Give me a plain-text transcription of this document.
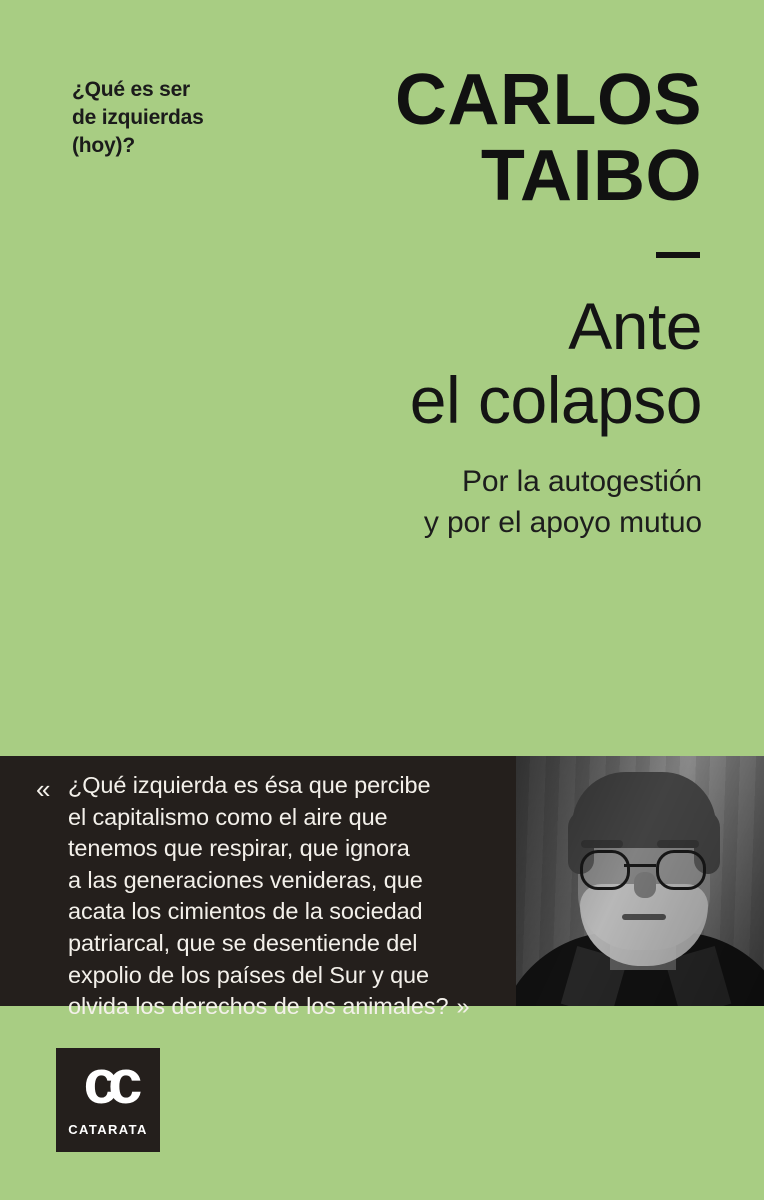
¿Qué es ser
de izquierdas
(hoy)?
CARLOS
TAIBO
Ante
el colapso
Por la autogestión
y por el apoyo mutuo
« ¿Qué izquierda es ésa que percibe
el capitalismo como el aire que
tenemos que respirar, que ignora
a las generaciones venideras, que
acata los cimientos de la sociedad
patriarcal, que se desentiende del
expolio de los países del Sur y que
olvida los derechos de los animales? »
cc
CATARATA
